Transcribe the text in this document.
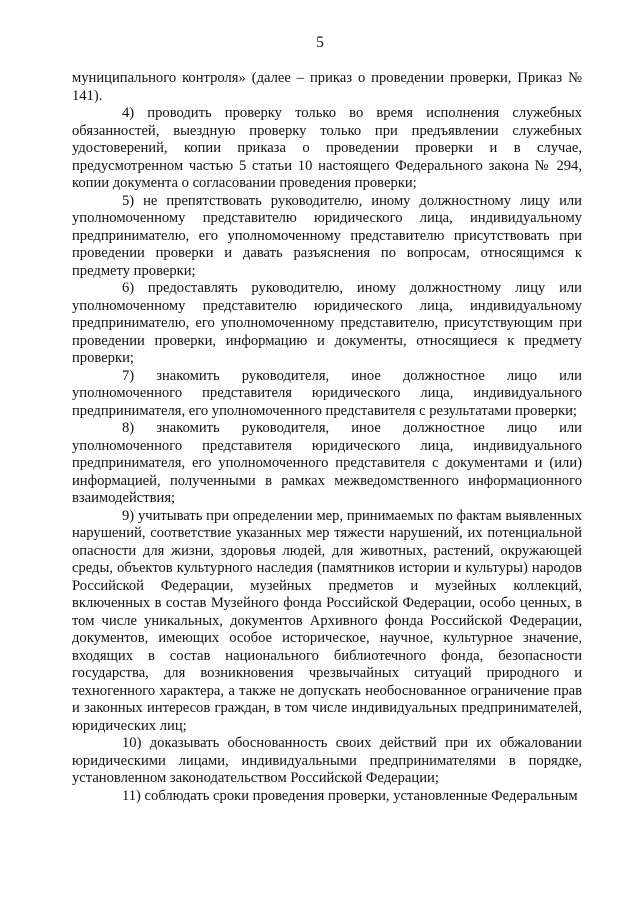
5

муниципального контроля» (далее – приказ о проведении проверки, Приказ № 141).

4) проводить проверку только во время исполнения служебных обязанностей, выездную проверку только при предъявлении служебных удостоверений, копии приказа о проведении проверки и в случае, предусмотренном частью 5 статьи 10 настоящего Федерального закона № 294, копии документа о согласовании проведения проверки;

5) не препятствовать руководителю, иному должностному лицу или уполномоченному представителю юридического лица, индивидуальному предпринимателю, его уполномоченному представителю присутствовать при проведении проверки и давать разъяснения по вопросам, относящимся к предмету проверки;

6) предоставлять руководителю, иному должностному лицу или уполномоченному представителю юридического лица, индивидуальному предпринимателю, его уполномоченному представителю, присутствующим при проведении проверки, информацию и документы, относящиеся к предмету проверки;

7) знакомить руководителя, иное должностное лицо или уполномоченного представителя юридического лица, индивидуального предпринимателя, его уполномоченного представителя с результатами проверки;

8) знакомить руководителя, иное должностное лицо или уполномоченного представителя юридического лица, индивидуального предпринимателя, его уполномоченного представителя с документами и (или) информацией, полученными в рамках межведомственного информационного взаимодействия;

9) учитывать при определении мер, принимаемых по фактам выявленных нарушений, соответствие указанных мер тяжести нарушений, их потенциальной опасности для жизни, здоровья людей, для животных, растений, окружающей среды, объектов культурного наследия (памятников истории и культуры) народов Российской Федерации, музейных предметов и музейных коллекций, включенных в состав Музейного фонда Российской Федерации, особо ценных, в том числе уникальных, документов Архивного фонда Российской Федерации, документов, имеющих особое историческое, научное, культурное значение, входящих в состав национального библиотечного фонда, безопасности государства, для возникновения чрезвычайных ситуаций природного и техногенного характера, а также не допускать необоснованное ограничение прав и законных интересов граждан, в том числе индивидуальных предпринимателей, юридических лиц;

10) доказывать обоснованность своих действий при их обжаловании юридическими лицами, индивидуальными предпринимателями в порядке, установленном законодательством Российской Федерации;

11) соблюдать сроки проведения проверки, установленные Федеральным
